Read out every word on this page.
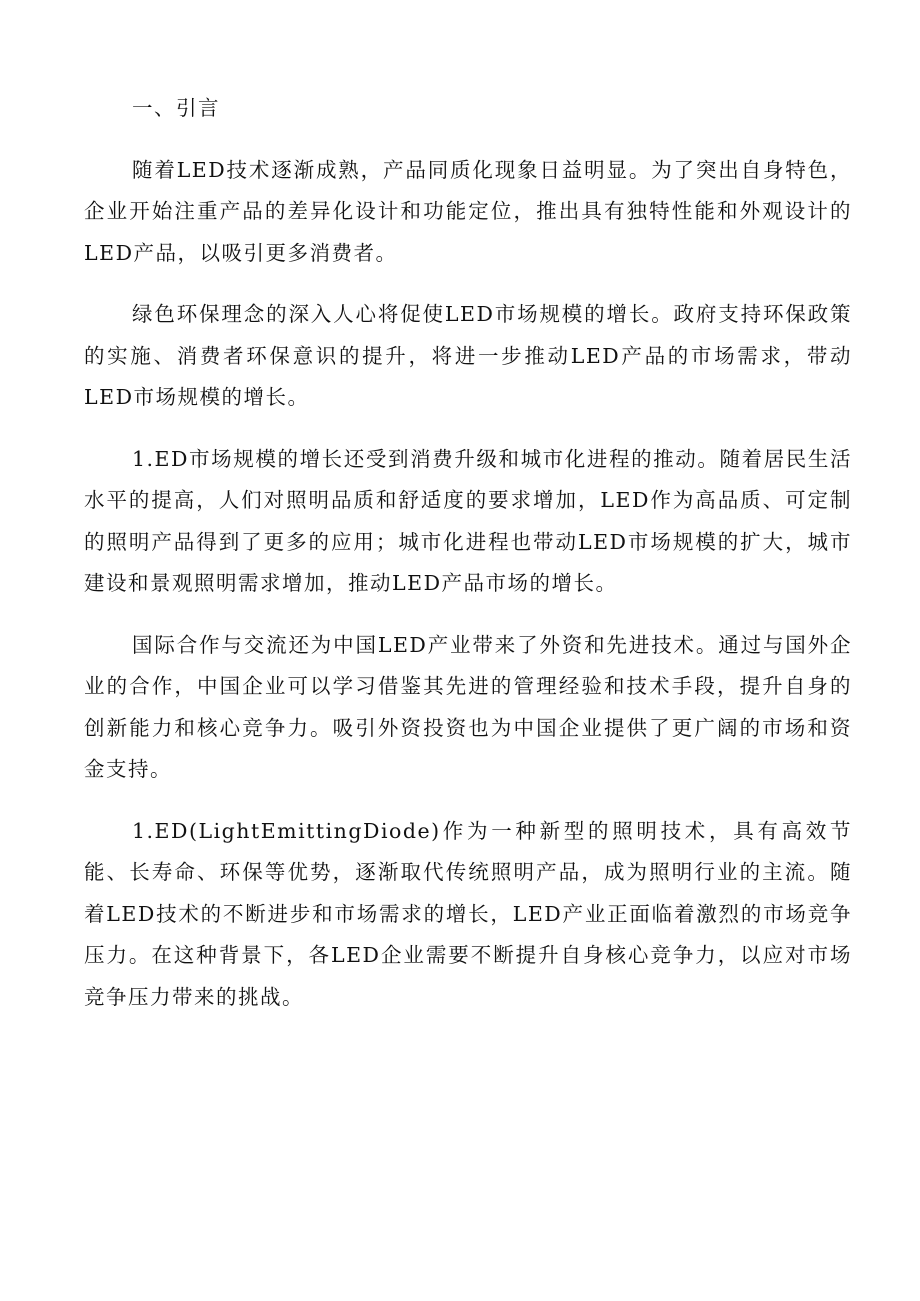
一、引言

随着LED技术逐渐成熟，产品同质化现象日益明显。为了突出自身特色，企业开始注重产品的差异化设计和功能定位，推出具有独特性能和外观设计的LED产品，以吸引更多消费者。

绿色环保理念的深入人心将促使LED市场规模的增长。政府支持环保政策的实施、消费者环保意识的提升，将进一步推动LED产品的市场需求，带动LED市场规模的增长。

1.ED市场规模的增长还受到消费升级和城市化进程的推动。随着居民生活水平的提高，人们对照明品质和舒适度的要求增加，LED作为高品质、可定制的照明产品得到了更多的应用；城市化进程也带动LED市场规模的扩大，城市建设和景观照明需求增加，推动LED产品市场的增长。

国际合作与交流还为中国LED产业带来了外资和先进技术。通过与国外企业的合作，中国企业可以学习借鉴其先进的管理经验和技术手段，提升自身的创新能力和核心竞争力。吸引外资投资也为中国企业提供了更广阔的市场和资金支持。

1.ED(LightEmittingDiode)作为一种新型的照明技术，具有高效节能、长寿命、环保等优势，逐渐取代传统照明产品，成为照明行业的主流。随着LED技术的不断进步和市场需求的增长，LED产业正面临着激烈的市场竞争压力。在这种背景下，各LED企业需要不断提升自身核心竞争力，以应对市场竞争压力带来的挑战。
